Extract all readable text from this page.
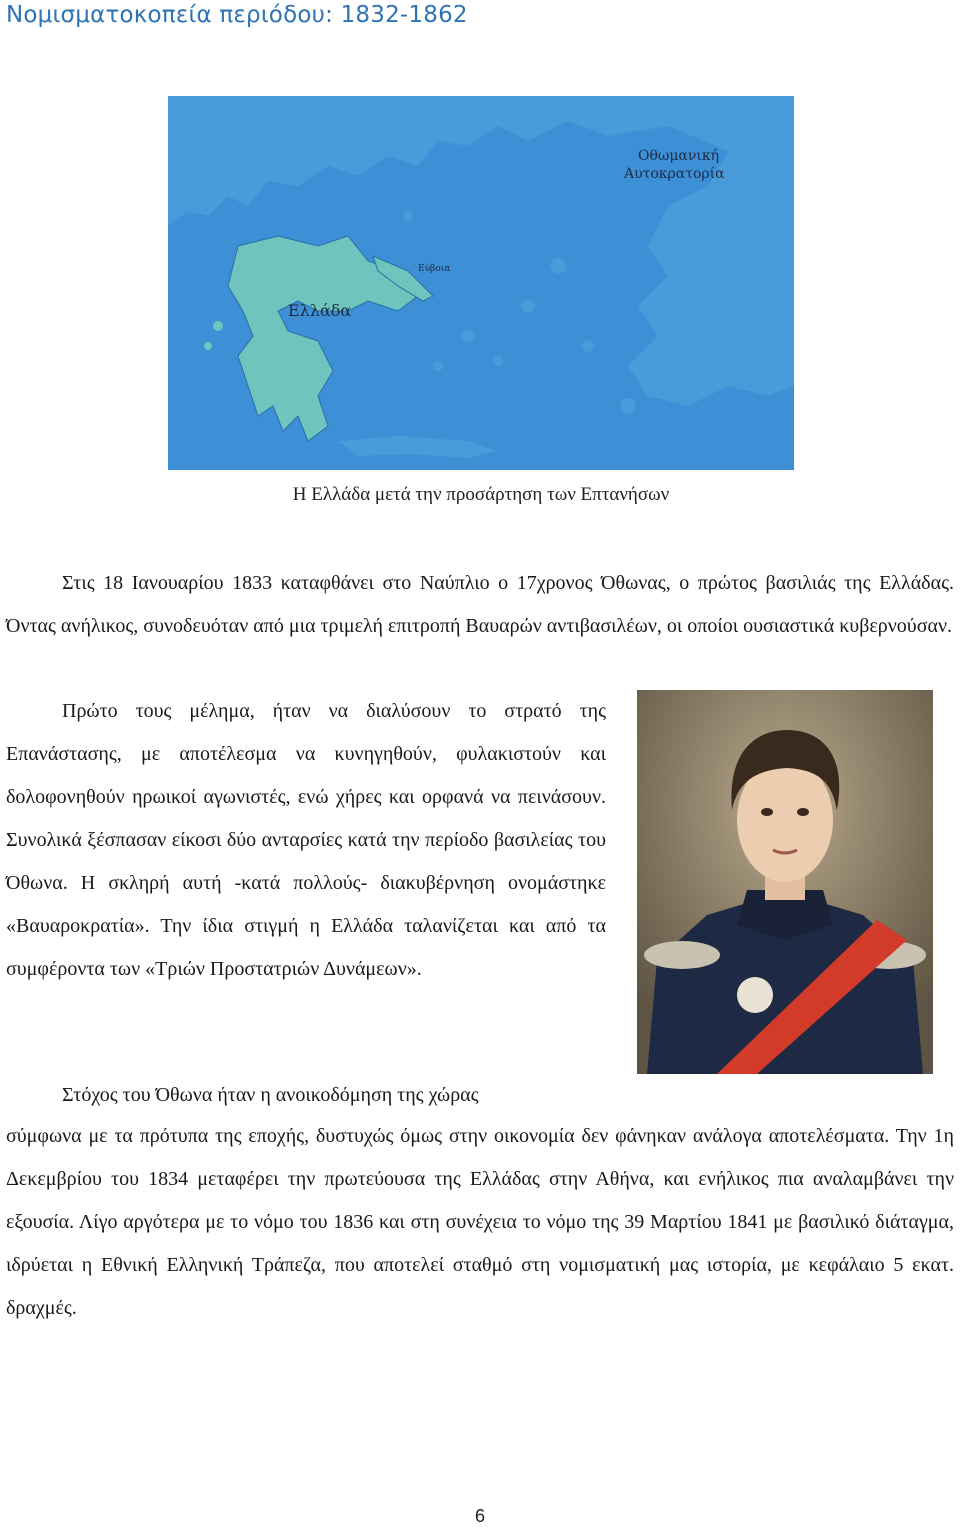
Νομισματοκοπεία περιόδου: 1832-1862
Ελλάδα
Οθωμανική
Αυτοκρατορία
Εύβοια
Η Ελλάδα μετά την προσάρτηση των Επτανήσων

Στις 18 Ιανουαρίου 1833 καταφθάνει στο Ναύπλιο ο 17χρονος Όθωνας, ο πρώτος βασιλιάς της Ελλάδας. Όντας ανήλικος, συνοδευόταν από μια τριμελή επιτροπή Βαυαρών αντιβασιλέων, οι οποίοι ουσιαστικά κυβερνούσαν.

Πρώτο τους μέλημα, ήταν να διαλύσουν το στρατό της Επανάστασης, με αποτέλεσμα να κυνηγηθούν, φυλακιστούν και δολοφονηθούν ηρωικοί αγωνιστές, ενώ χήρες και ορφανά να πεινάσουν. Συνολικά ξέσπασαν είκοσι δύο ανταρσίες κατά την περίοδο βασιλείας του Όθωνα. Η σκληρή αυτή -κατά πολλούς- διακυβέρνηση ονομάστηκε «Βαυαροκρατία». Την ίδια στιγμή η Ελλάδα ταλανίζεται και από τα συμφέροντα των «Τριών Προστατριών Δυνάμεων».

Στόχος του Όθωνα ήταν η ανοικοδόμηση της χώρας

σύμφωνα με τα πρότυπα της εποχής, δυστυχώς όμως στην οικονομία δεν φάνηκαν ανάλογα αποτελέσματα. Την 1η Δεκεμβρίου του 1834 μεταφέρει την πρωτεύουσα της Ελλάδας στην Αθήνα, και ενήλικος πια αναλαμβάνει την εξουσία. Λίγο αργότερα με το νόμο του 1836 και στη συνέχεια το νόμο της 39 Μαρτίου 1841 με βασιλικό διάταγμα, ιδρύεται η Εθνική Ελληνική Τράπεζα, που αποτελεί σταθμό στη νομισματική μας ιστορία, με κεφάλαιο 5 εκατ. δραχμές.

6
